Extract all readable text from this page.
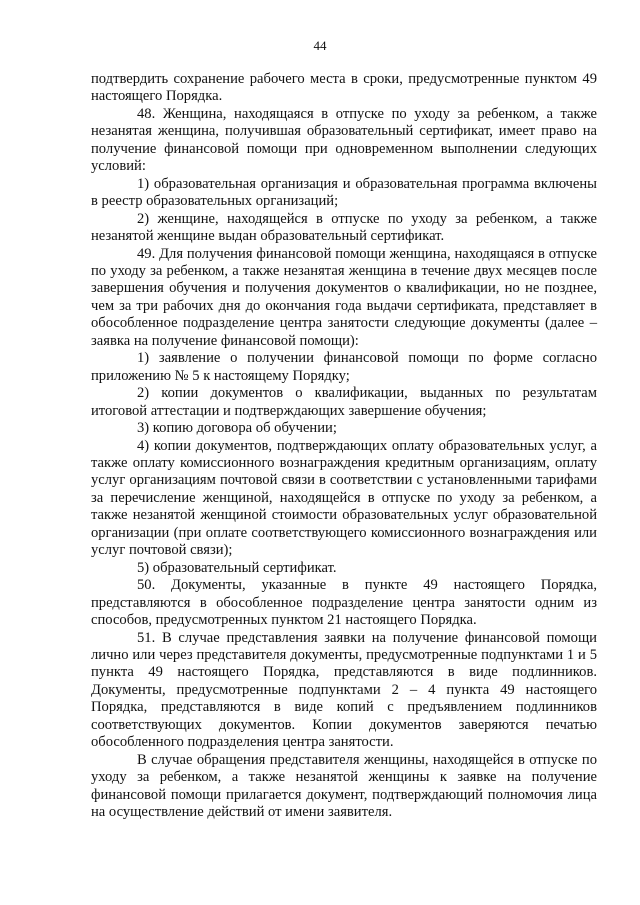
44

подтвердить сохранение рабочего места в сроки, предусмотренные пунктом 49 настоящего Порядка.

48. Женщина, находящаяся в отпуске по уходу за ребенком, а также незанятая женщина, получившая образовательный сертификат, имеет право на получение финансовой помощи при одновременном выполнении следующих условий:

1) образовательная организация и образовательная программа включены в реестр образовательных организаций;

2) женщине, находящейся в отпуске по уходу за ребенком, а также незанятой женщине выдан образовательный сертификат.

49. Для получения финансовой помощи женщина, находящаяся в отпуске по уходу за ребенком, а также незанятая женщина в течение двух месяцев после завершения обучения и получения документов о квалификации, но не позднее, чем за три рабочих дня до окончания года выдачи сертификата, представляет в обособленное подразделение центра занятости следующие документы (далее – заявка на получение финансовой помощи):

1) заявление о получении финансовой помощи по форме согласно приложению № 5 к настоящему Порядку;

2) копии документов о квалификации, выданных по результатам итоговой аттестации и подтверждающих завершение обучения;

3) копию договора об обучении;

4) копии документов, подтверждающих оплату образовательных услуг, а также оплату комиссионного вознаграждения кредитным организациям, оплату услуг организациям почтовой связи в соответствии с установленными тарифами за перечисление женщиной, находящейся в отпуске по уходу за ребенком, а также незанятой женщиной стоимости образовательных услуг образовательной организации (при оплате соответствующего комиссионного вознаграждения или услуг почтовой связи);

5) образовательный сертификат.

50. Документы, указанные в пункте 49 настоящего Порядка, представляются в обособленное подразделение центра занятости одним из способов, предусмотренных пунктом 21 настоящего Порядка.

51. В случае представления заявки на получение финансовой помощи лично или через представителя документы, предусмотренные подпунктами 1 и 5 пункта 49 настоящего Порядка, представляются в виде подлинников. Документы, предусмотренные подпунктами 2 – 4 пункта 49 настоящего Порядка, представляются в виде копий с предъявлением подлинников соответствующих документов. Копии документов заверяются печатью обособленного подразделения центра занятости.

В случае обращения представителя женщины, находящейся в отпуске по уходу за ребенком, а также незанятой женщины к заявке на получение финансовой помощи прилагается документ, подтверждающий полномочия лица на осуществление действий от имени заявителя.
